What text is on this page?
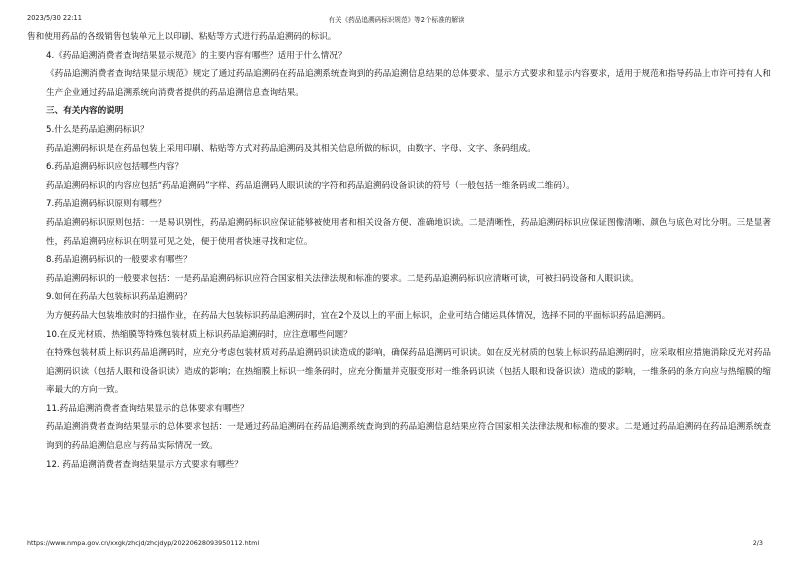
2023/5/30 22:11	有关《药品追溯码标识规范》等2个标准的解读

售和使用药品的各级销售包装单元上以印刷、粘贴等方式进行药品追溯码的标识。

4.《药品追溯消费者查询结果显示规范》的主要内容有哪些？适用于什么情况？

《药品追溯消费者查询结果显示规范》规定了通过药品追溯码在药品追溯系统查询到的药品追溯信息结果的总体要求、显示方式要求和显示内容要求，适用于规范和指导药品上市许可持有人和生产企业通过药品追溯系统向消费者提供的药品追溯信息查询结果。

三、有关内容的说明

5.什么是药品追溯码标识？

药品追溯码标识是在药品包装上采用印刷、粘贴等方式对药品追溯码及其相关信息所做的标识，由数字、字母、文字、条码组成。

6.药品追溯码标识应包括哪些内容？

药品追溯码标识的内容应包括“药品追溯码”字样、药品追溯码人眼识读的字符和药品追溯码设备识读的符号（一般包括一维条码或二维码）。

7.药品追溯码标识原则有哪些？

药品追溯码标识原则包括：一是易识别性，药品追溯码标识应保证能够被使用者和相关设备方便、准确地识读。二是清晰性，药品追溯码标识应保证图像清晰、颜色与底色对比分明。三是显著性，药品追溯码应标识在明显可见之处，便于使用者快速寻找和定位。

8.药品追溯码标识的一般要求有哪些？

药品追溯码标识的一般要求包括：一是药品追溯码标识应符合国家相关法律法规和标准的要求。二是药品追溯码标识应清晰可读，可被扫码设备和人眼识读。

9.如何在药品大包装标识药品追溯码？

为方便药品大包装堆放时的扫描作业，在药品大包装标识药品追溯码时，宜在2个及以上的平面上标识，企业可结合储运具体情况，选择不同的平面标识药品追溯码。

10.在反光材质、热缩膜等特殊包装材质上标识药品追溯码时，应注意哪些问题？

在特殊包装材质上标识药品追溯码时，应充分考虑包装材质对药品追溯码识读造成的影响，确保药品追溯码可识读。如在反光材质的包装上标识药品追溯码时，应采取相应措施消除反光对药品追溯码识读（包括人眼和设备识读）造成的影响；在热缩膜上标识一维条码时，应充分衡量并克服变形对一维条码识读（包括人眼和设备识读）造成的影响，一维条码的条方向应与热缩膜的缩率最大的方向一致。

11.药品追溯消费者查询结果显示的总体要求有哪些？

药品追溯消费者查询结果显示的总体要求包括：一是通过药品追溯码在药品追溯系统查询到的药品追溯信息结果应符合国家相关法律法规和标准的要求。二是通过药品追溯码在药品追溯系统查询到的药品追溯信息应与药品实际情况一致。

12. 药品追溯消费者查询结果显示方式要求有哪些？

https://www.nmpa.gov.cn/xxgk/zhcjd/zhcjdyp/20220628093950112.html	2/3
